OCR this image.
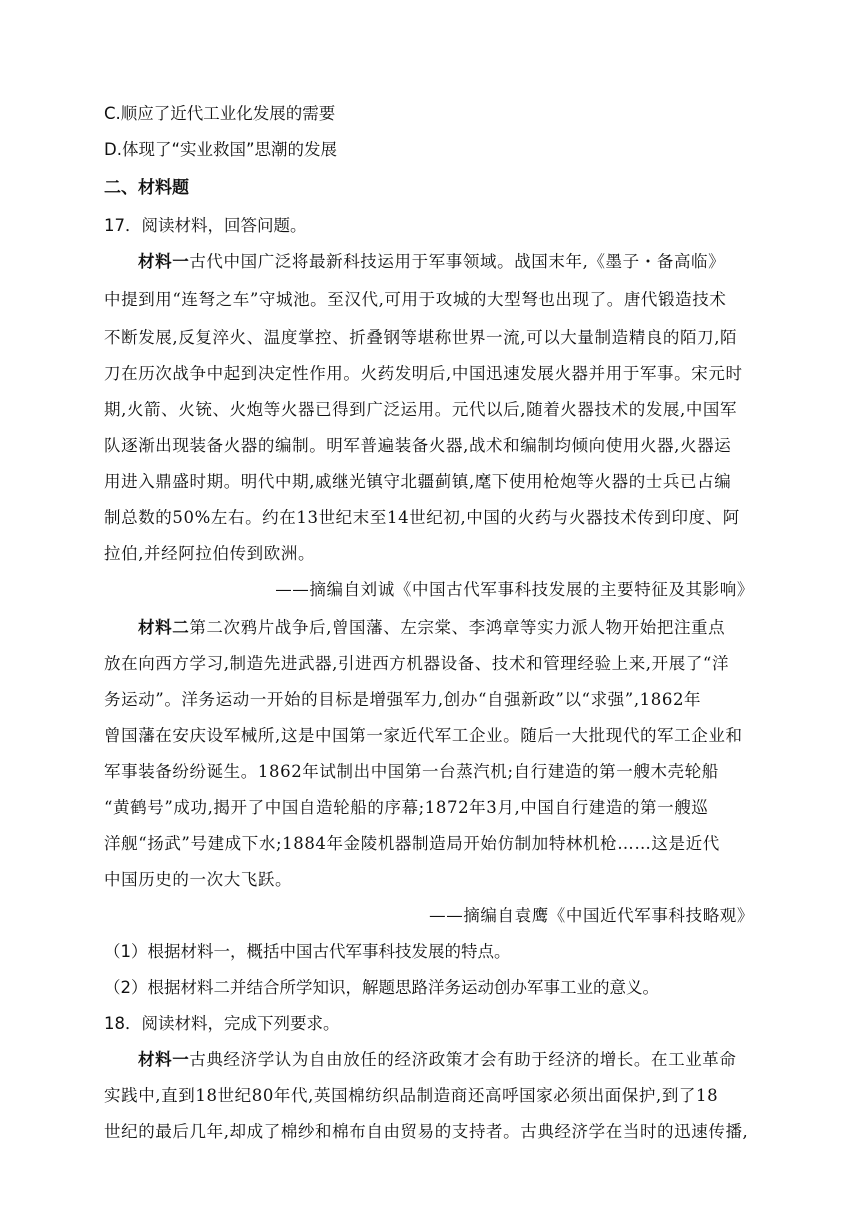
C.顺应了近代工业化发展的需要
D.体现了“实业救国”思潮的发展
二、材料题
17．阅读材料，回答问题。
材料一古代中国广泛将最新科技运用于军事领域。战国末年,《墨子・备高临》
中提到用“连弩之车”守城池。至汉代,可用于攻城的大型弩也出现了。唐代锻造技术
不断发展,反复淬火、温度掌控、折叠钢等堪称世界一流,可以大量制造精良的陌刀,陌
刀在历次战争中起到决定性作用。火药发明后,中国迅速发展火器并用于军事。宋元时
期,火箭、火铳、火炮等火器已得到广泛运用。元代以后,随着火器技术的发展,中国军
队逐渐出现装备火器的编制。明军普遍装备火器,战术和编制均倾向使用火器,火器运
用进入鼎盛时期。明代中期,戚继光镇守北疆蓟镇,麾下使用枪炮等火器的士兵已占编
制总数的50%左右。约在13世纪末至14世纪初,中国的火药与火器技术传到印度、阿
拉伯,并经阿拉伯传到欧洲。
——摘编自刘诚《中国古代军事科技发展的主要特征及其影响》
材料二第二次鸦片战争后,曾国藩、左宗棠、李鸿章等实力派人物开始把注重点
放在向西方学习,制造先进武器,引进西方机器设备、技术和管理经验上来,开展了“洋
务运动”。洋务运动一开始的目标是增强军力,创办“自强新政”以“求强”,1862年
曾国藩在安庆设军械所,这是中国第一家近代军工企业。随后一大批现代的军工企业和
军事装备纷纷诞生。1862年试制出中国第一台蒸汽机;自行建造的第一艘木壳轮船
“黄鹤号”成功,揭开了中国自造轮船的序幕;1872年3月,中国自行建造的第一艘巡
洋舰“扬武”号建成下水;1884年金陵机器制造局开始仿制加特林机枪……这是近代
中国历史的一次大飞跃。
——摘编自袁鹰《中国近代军事科技略观》
（1）根据材料一，概括中国古代军事科技发展的特点。
（2）根据材料二并结合所学知识，解题思路洋务运动创办军事工业的意义。
18．阅读材料，完成下列要求。
材料一古典经济学认为自由放任的经济政策才会有助于经济的增长。在工业革命
实践中,直到18世纪80年代,英国棉纺织品制造商还高呼国家必须出面保护,到了18
世纪的最后几年,却成了棉纱和棉布自由贸易的支持者。古典经济学在当时的迅速传播,
